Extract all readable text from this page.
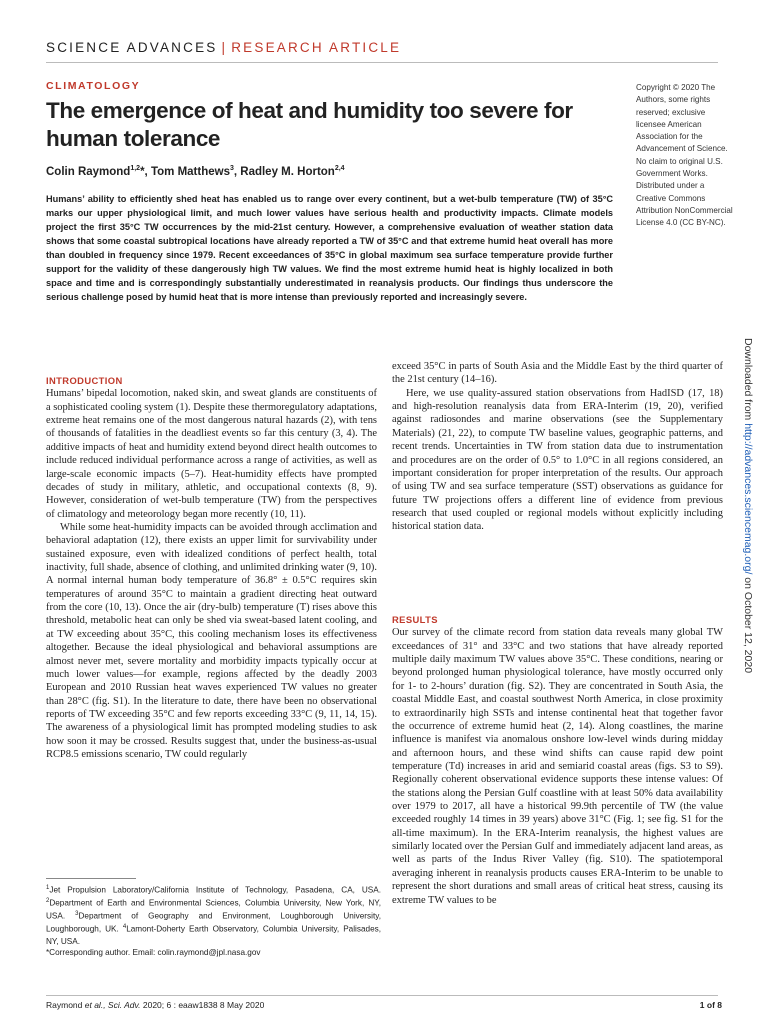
SCIENCE ADVANCES | RESEARCH ARTICLE
CLIMATOLOGY
The emergence of heat and humidity too severe for human tolerance
Colin Raymond$^{1,2}$*, Tom Matthews$^3$, Radley M. Horton$^{2,4}$
Humans’ ability to efficiently shed heat has enabled us to range over every continent, but a wet-bulb temperature (TW) of 35°C marks our upper physiological limit, and much lower values have serious health and productivity impacts. Climate models project the first 35°C TW occurrences by the mid-21st century. However, a comprehensive evaluation of weather station data shows that some coastal subtropical locations have already reported a TW of 35°C and that extreme humid heat overall has more than doubled in frequency since 1979. Recent exceedances of 35°C in global maximum sea surface temperature provide further support for the validity of these dangerously high TW values. We find the most extreme humid heat is highly localized in both space and time and is correspondingly substantially underestimated in reanalysis products. Our findings thus underscore the serious challenge posed by humid heat that is more intense than previously reported and increasingly severe.
Copyright © 2020 The Authors, some rights reserved; exclusive licensee American Association for the Advancement of Science. No claim to original U.S. Government Works. Distributed under a Creative Commons Attribution NonCommercial License 4.0 (CC BY-NC).
Downloaded from http://advances.sciencemag.org/ on October 12, 2020
INTRODUCTION

Humans’ bipedal locomotion, naked skin, and sweat glands are constituents of a sophisticated cooling system (1). Despite these thermoregulatory adaptations, extreme heat remains one of the most dangerous natural hazards (2), with tens of thousands of fatalities in the deadliest events so far this century (3, 4). The additive impacts of heat and humidity extend beyond direct health outcomes to include reduced individual performance across a range of activities, as well as large-scale economic impacts (5–7). Heat-humidity effects have prompted decades of study in military, athletic, and occupational contexts (8, 9). However, consideration of wet-bulb temperature (TW) from the perspectives of climatology and meteorology began more recently (10, 11).

While some heat-humidity impacts can be avoided through acclimation and behavioral adaptation (12), there exists an upper limit for survivability under sustained exposure, even with idealized conditions of perfect health, total inactivity, full shade, absence of clothing, and unlimited drinking water (9, 10). A normal internal human body temperature of 36.8° ± 0.5°C requires skin temperatures of around 35°C to maintain a gradient directing heat outward from the core (10, 13). Once the air (dry-bulb) temperature (T) rises above this threshold, metabolic heat can only be shed via sweat-based latent cooling, and at TW exceeding about 35°C, this cooling mechanism loses its effectiveness altogether. Because the ideal physiological and behavioral assumptions are almost never met, severe mortality and morbidity impacts typically occur at much lower values—for example, regions affected by the deadly 2003 European and 2010 Russian heat waves experienced TW values no greater than 28°C (fig. S1). In the literature to date, there have been no observational reports of TW exceeding 35°C and few reports exceeding 33°C (9, 11, 14, 15). The awareness of a physiological limit has prompted modeling studies to ask how soon it may be crossed. Results suggest that, under the business-as-usual RCP8.5 emissions scenario, TW could regularly

exceed 35°C in parts of South Asia and the Middle East by the third quarter of the 21st century (14–16).

Here, we use quality-assured station observations from HadISD (17, 18) and high-resolution reanalysis data from ERA-Interim (19, 20), verified against radiosondes and marine observations (see the Supplementary Materials) (21, 22), to compute TW baseline values, geographic patterns, and recent trends. Uncertainties in TW from station data due to instrumentation and procedures are on the order of 0.5° to 1.0°C in all regions considered, an important consideration for proper interpretation of the results. Our approach of using TW and sea surface temperature (SST) observations as guidance for future TW projections offers a different line of evidence from previous research that used coupled or regional models without explicitly including historical station data.

RESULTS

Our survey of the climate record from station data reveals many global TW exceedances of 31° and 33°C and two stations that have already reported multiple daily maximum TW values above 35°C. These conditions, nearing or beyond prolonged human physiological tolerance, have mostly occurred only for 1- to 2-hours’ duration (fig. S2). They are concentrated in South Asia, the coastal Middle East, and coastal southwest North America, in close proximity to extraordinarily high SSTs and intense continental heat that together favor the occurrence of extreme humid heat (2, 14). Along coastlines, the marine influence is manifest via anomalous onshore low-level winds during midday and afternoon hours, and these wind shifts can cause rapid dew point temperature (Td) increases in arid and semiarid coastal areas (figs. S3 to S9). Regionally coherent observational evidence supports these intense values: Of the stations along the Persian Gulf coastline with at least 50% data availability over 1979 to 2017, all have a historical 99.9th percentile of TW (the value exceeded roughly 14 times in 39 years) above 31°C (Fig. 1; see fig. S1 for the all-time maximum). In the ERA-Interim reanalysis, the highest values are similarly located over the Persian Gulf and immediately adjacent land areas, as well as parts of the Indus River Valley (fig. S10). The spatiotemporal averaging inherent in reanalysis products causes ERA-Interim to be unable to represent the short durations and small areas of critical heat stress, causing its extreme TW values to be

$^1$Jet Propulsion Laboratory/California Institute of Technology, Pasadena, CA, USA. $^2$Department of Earth and Environmental Sciences, Columbia University, New York, NY, USA. $^3$Department of Geography and Environment, Loughborough University, Loughborough, UK. $^4$Lamont-Doherty Earth Observatory, Columbia University, Palisades, NY, USA.
*Corresponding author. Email: colin.raymond@jpl.nasa.gov
Raymond et al., Sci. Adv. 2020; 6 : eaaw1838 8 May 2020	1 of 8
